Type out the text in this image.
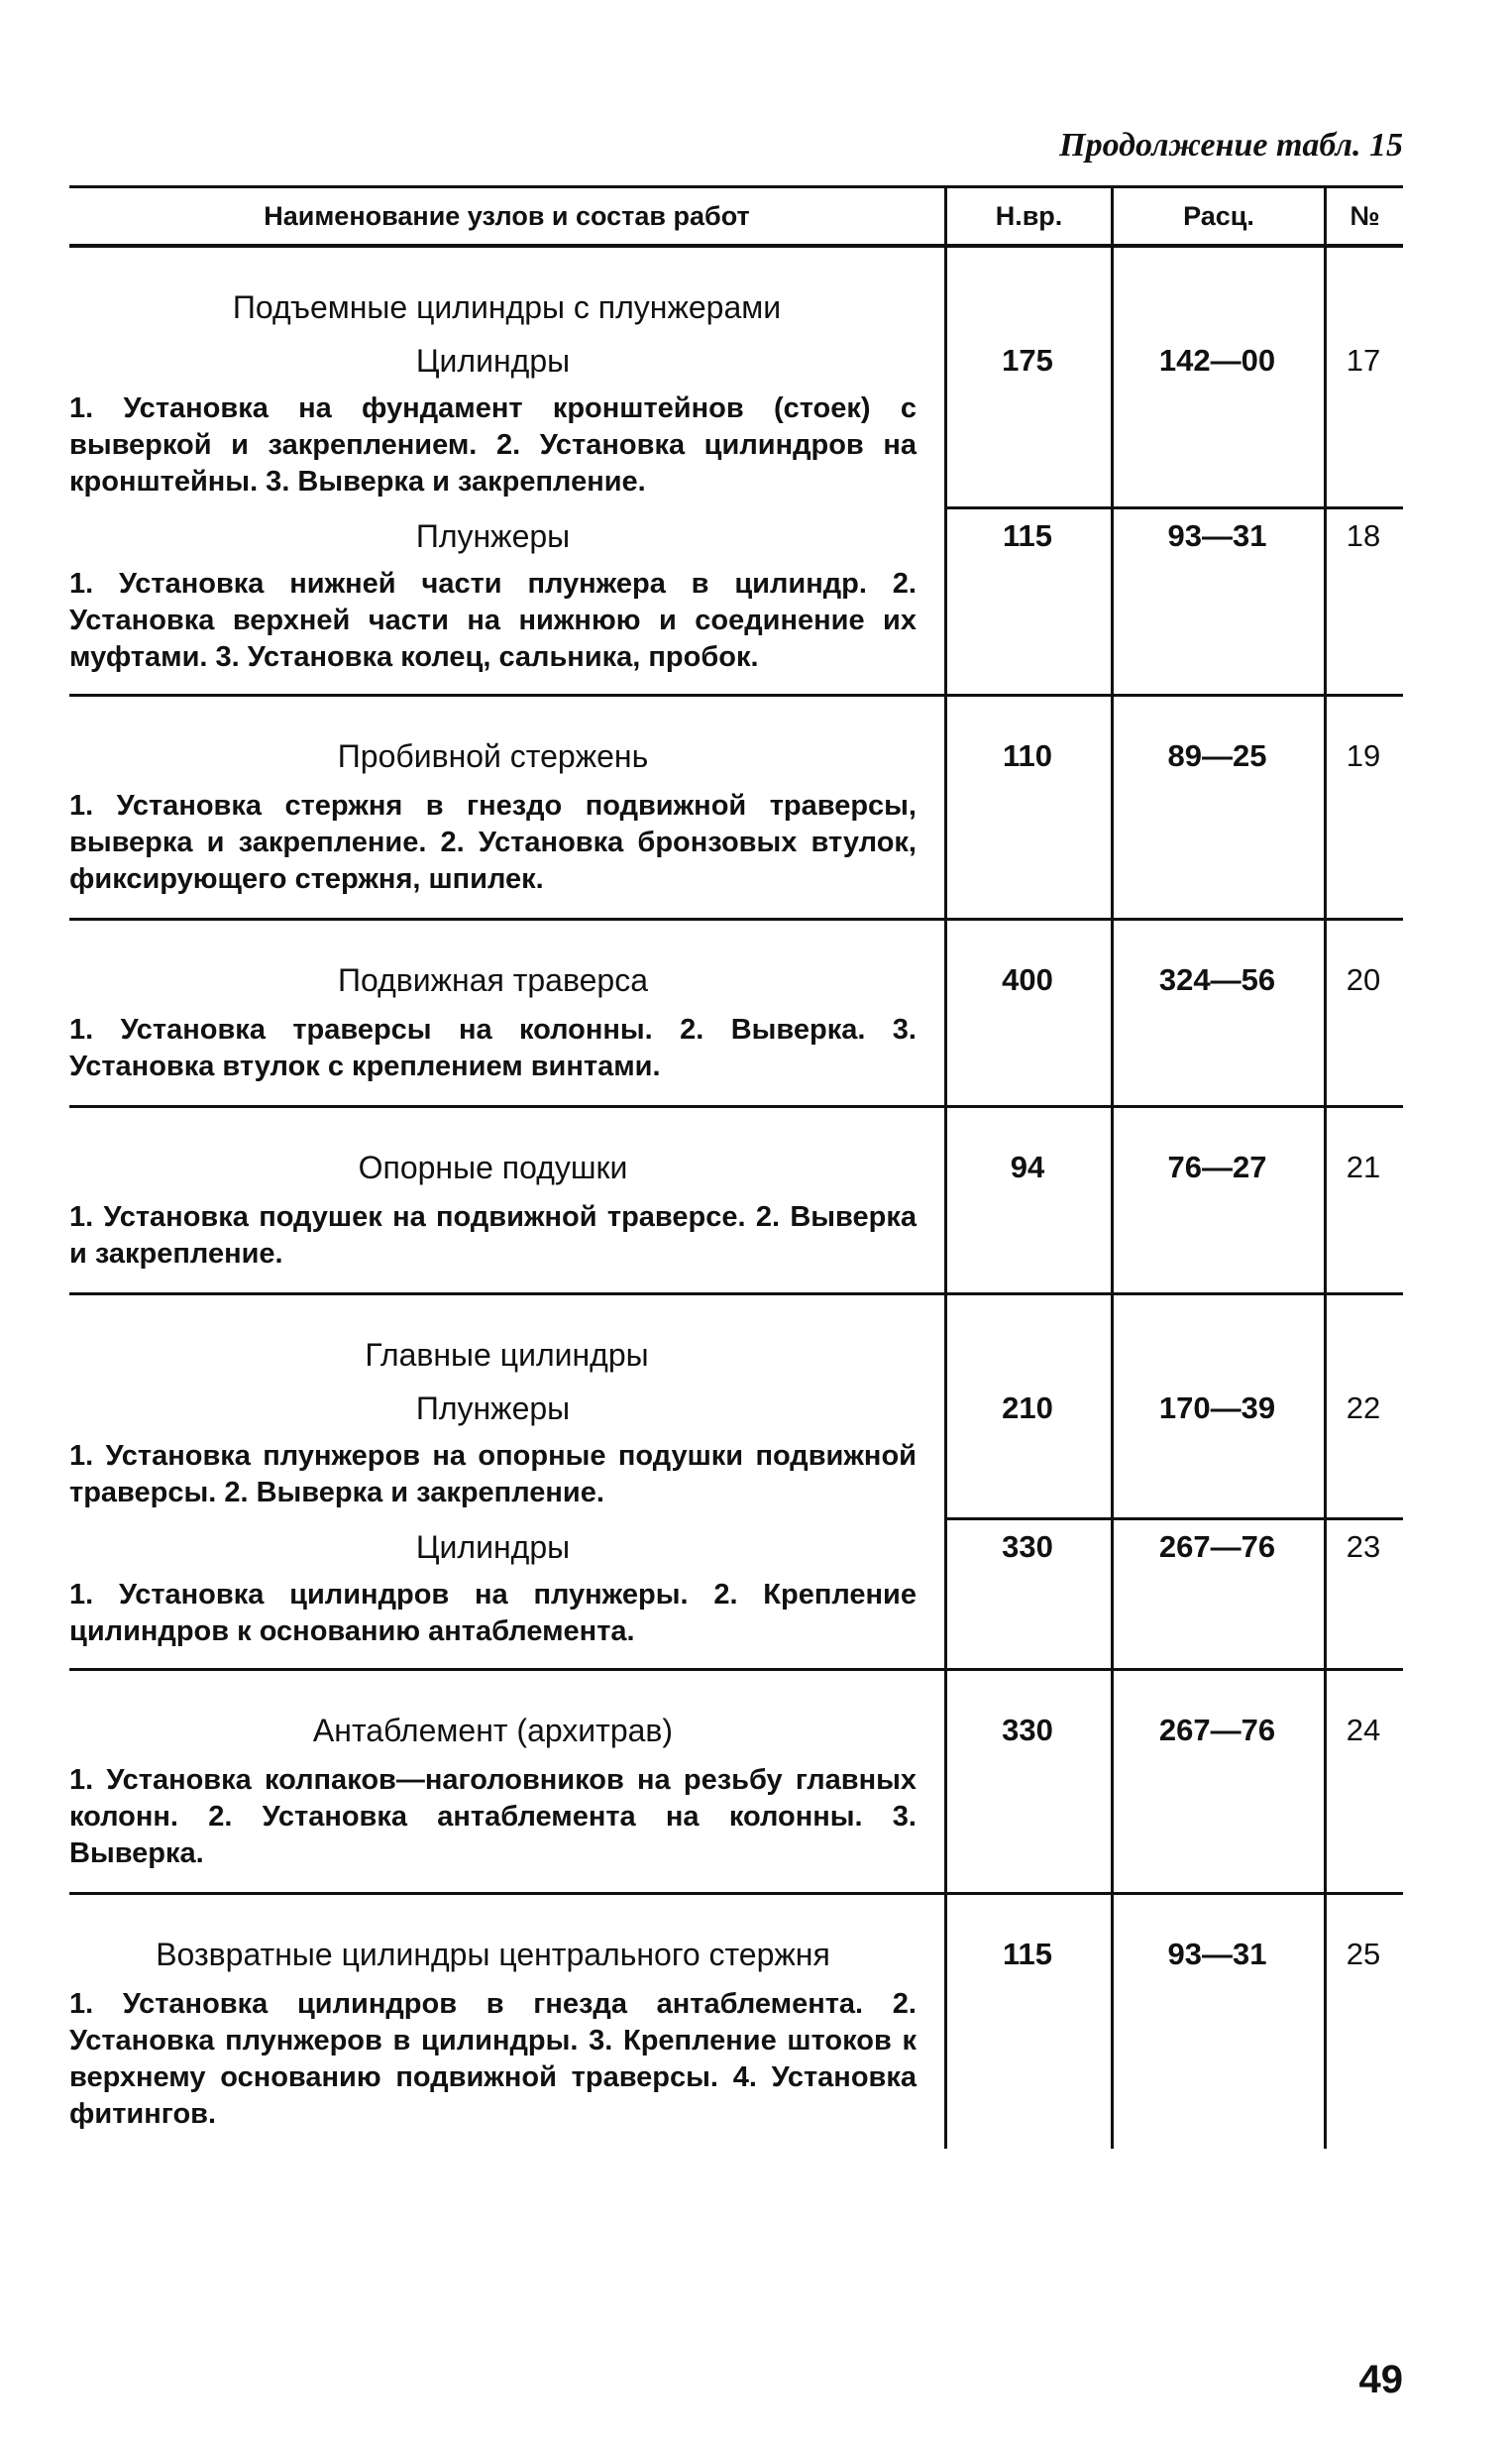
Продолжение табл. 15
Наименование узлов и состав работ	Н.вр.	Расц.	№
Подъемные цилиндры с плунжерами
Цилиндры

1. Установка на фундамент кронштейнов (стоек) с выверкой и закреплением. 2. Установка цилиндров на кронштейны. 3. Выверка и закрепление.

175	142—00	17
Плунжеры

1. Установка нижней части плунжера в цилиндр. 2. Установка верхней части на нижнюю и соединение их муфтами. 3. Установка колец, сальника, пробок.

115	93—31	18
Пробивной стержень

1. Установка стержня в гнездо подвижной траверсы, выверка и закрепление. 2. Установка бронзовых втулок, фиксирующего стержня, шпилек.

110	89—25	19
Подвижная траверса

1. Установка траверсы на колонны. 2. Выверка. 3. Установка втулок с креплением винтами.

400	324—56	20
Опорные подушки

1. Установка подушек на подвижной траверсе. 2. Выверка и закрепление.

94	76—27	21
Главные цилиндры
Плунжеры

1. Установка плунжеров на опорные подушки подвижной траверсы. 2. Выверка и закрепление.

210	170—39	22
Цилиндры

1. Установка цилиндров на плунжеры. 2. Крепление цилиндров к основанию антаблемента.

330	267—76	23
Антаблемент (архитрав)

1. Установка колпаков—наголовников на резьбу главных колонн. 2. Установка антаблемента на колонны. 3. Выверка.

330	267—76	24
Возвратные цилиндры центрального стержня

1. Установка цилиндров в гнезда антаблемента. 2. Установка плунжеров в цилиндры. 3. Крепление штоков к верхнему основанию подвижной траверсы. 4. Установка фитингов.

115	93—31	25
49
